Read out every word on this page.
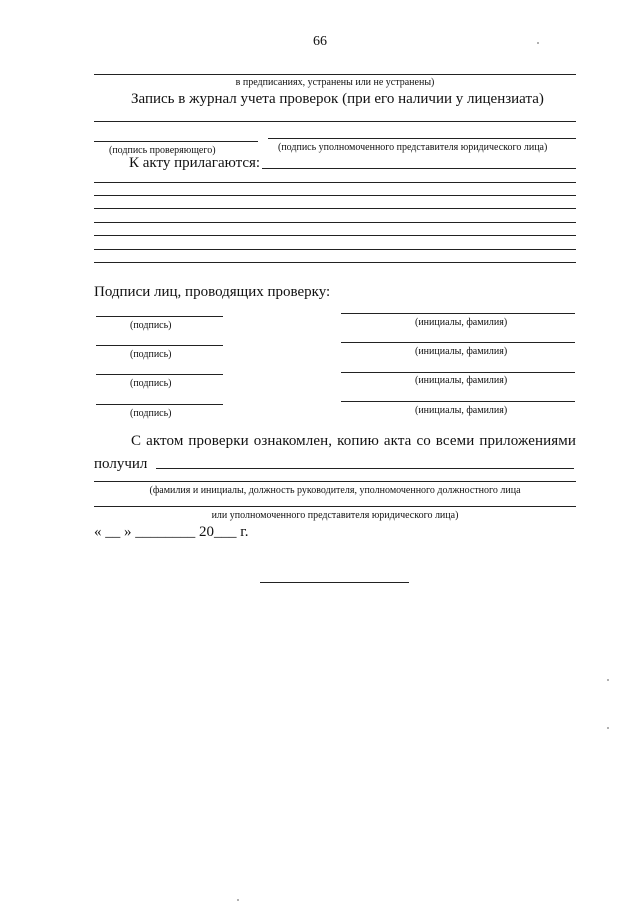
66
в предписаниях, устранены или не устранены)
Запись в журнал учета проверок (при его наличии у лицензиата)
(подпись проверяющего)	(подпись уполномоченного представителя юридического лица)
К акту прилагаются:
Подписи лиц, проводящих проверку:
(подпись)	(инициалы, фамилия)
(подпись)	(инициалы, фамилия)
(подпись)	(инициалы, фамилия)
(подпись)	(инициалы, фамилия)
С актом проверки ознакомлен, копию акта со всеми приложениями
получил
(фамилия и инициалы, должность руководителя, уполномоченного должностного лица
или уполномоченного представителя юридического лица)
« __ » ________ 20___ г.
